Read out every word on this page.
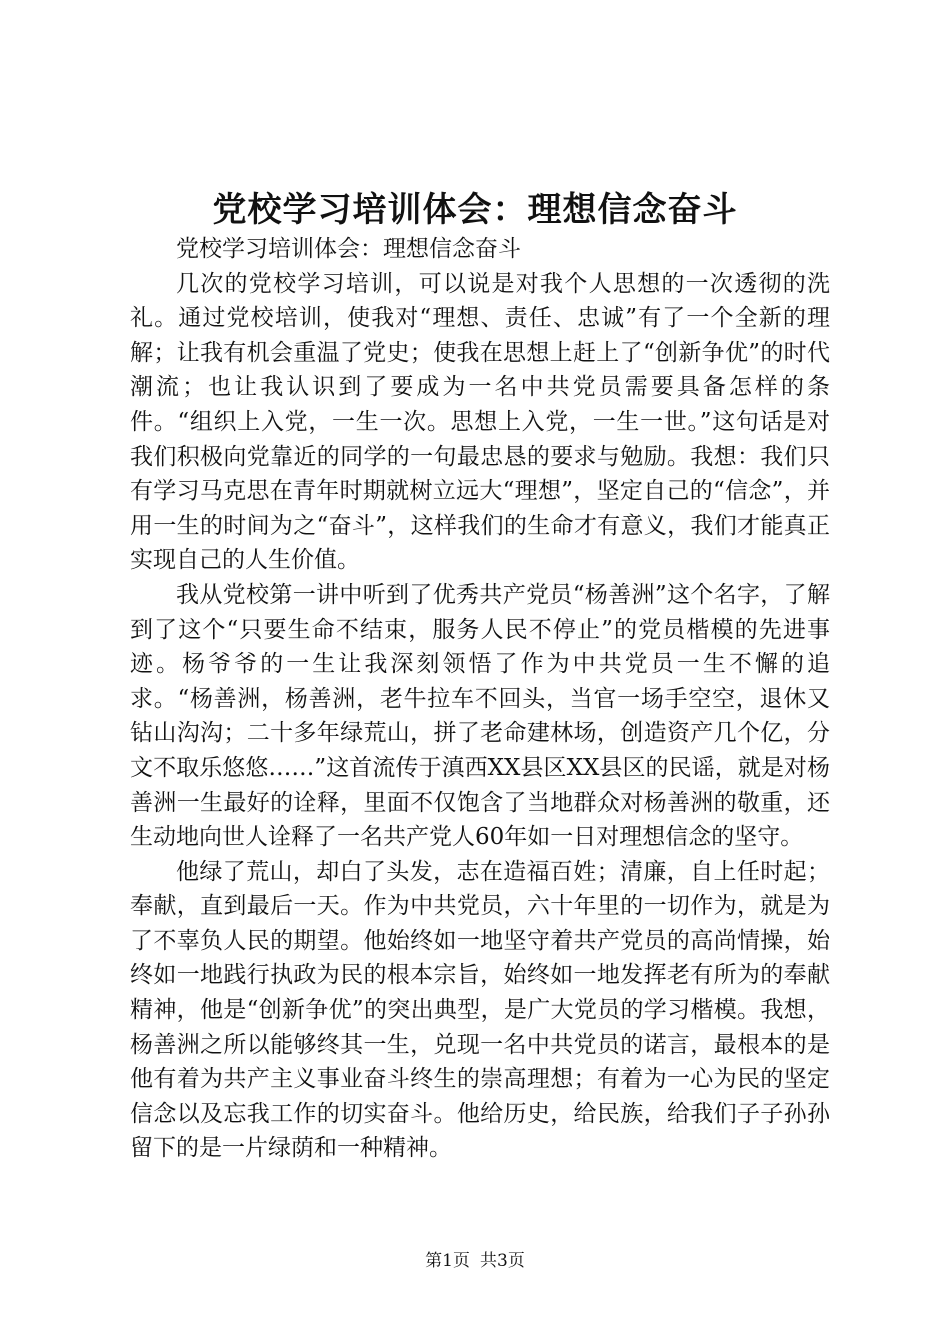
党校学习培训体会：理想信念奋斗

党校学习培训体会：理想信念奋斗

几次的党校学习培训，可以说是对我个人思想的一次透彻的洗礼。通过党校培训，使我对“理想、责任、忠诚”有了一个全新的理解；让我有机会重温了党史；使我在思想上赶上了“创新争优”的时代潮流；也让我认识到了要成为一名中共党员需要具备怎样的条件。“组织上入党，一生一次。思想上入党，一生一世。”这句话是对我们积极向党靠近的同学的一句最忠恳的要求与勉励。我想：我们只有学习马克思在青年时期就树立远大“理想”，坚定自己的“信念”，并用一生的时间为之“奋斗”，这样我们的生命才有意义，我们才能真正实现自己的人生价值。

我从党校第一讲中听到了优秀共产党员“杨善洲”这个名字，了解到了这个“只要生命不结束，服务人民不停止”的党员楷模的先进事迹。杨爷爷的一生让我深刻领悟了作为中共党员一生不懈的追求。“杨善洲，杨善洲，老牛拉车不回头，当官一场手空空，退休又钻山沟沟；二十多年绿荒山，拼了老命建林场，创造资产几个亿，分文不取乐悠悠……”这首流传于滇西XX县区XX县区的民谣，就是对杨善洲一生最好的诠释，里面不仅饱含了当地群众对杨善洲的敬重，还生动地向世人诠释了一名共产党人60年如一日对理想信念的坚守。

他绿了荒山，却白了头发，志在造福百姓；清廉，自上任时起；奉献，直到最后一天。作为中共党员，六十年里的一切作为，就是为了不辜负人民的期望。他始终如一地坚守着共产党员的高尚情操，始终如一地践行执政为民的根本宗旨，始终如一地发挥老有所为的奉献精神，他是“创新争优”的突出典型，是广大党员的学习楷模。我想，杨善洲之所以能够终其一生，兑现一名中共党员的诺言，最根本的是他有着为共产主义事业奋斗终生的崇高理想；有着为一心为民的坚定信念以及忘我工作的切实奋斗。他给历史，给民族，给我们子子孙孙留下的是一片绿荫和一种精神。

第1页 共3页
